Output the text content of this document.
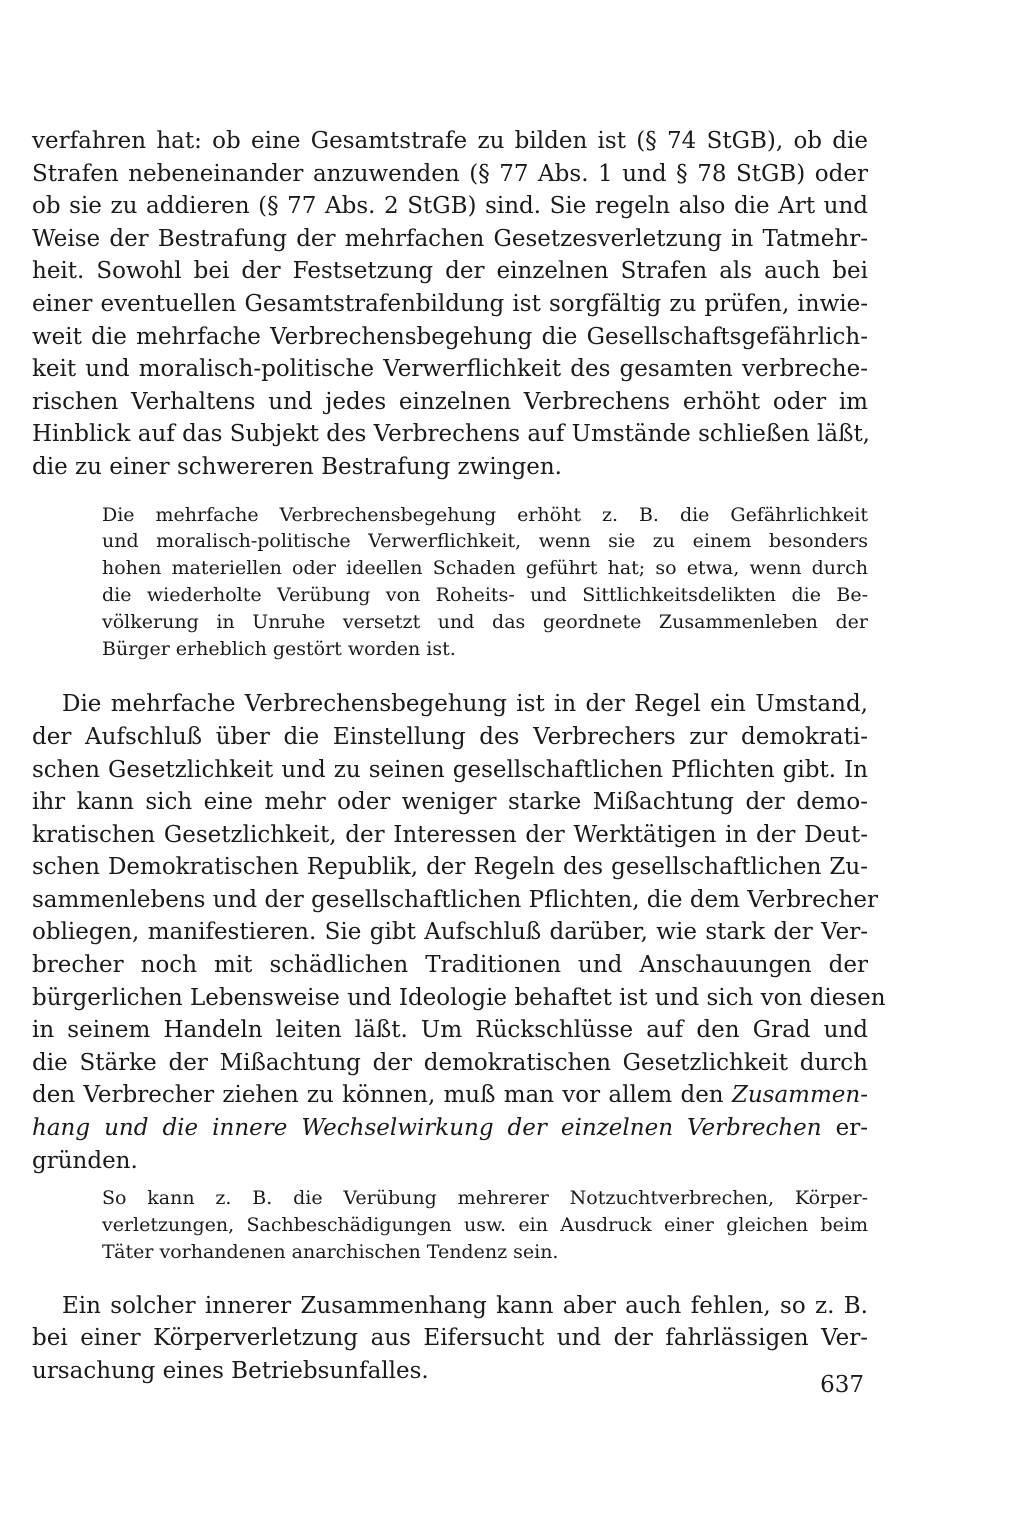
verfahren hat: ob eine Gesamtstrafe zu bilden ist (§ 74 StGB), ob die
Strafen nebeneinander anzuwenden (§ 77 Abs. 1 und § 78 StGB) oder
ob sie zu addieren (§ 77 Abs. 2 StGB) sind. Sie regeln also die Art und
Weise der Bestrafung der mehrfachen Gesetzesverletzung in Tatmehr-
heit. Sowohl bei der Festsetzung der einzelnen Strafen als auch bei
einer eventuellen Gesamtstrafenbildung ist sorgfältig zu prüfen, inwie-
weit die mehrfache Verbrechensbegehung die Gesellschaftsgefährlich-
keit und moralisch-politische Verwerflichkeit des gesamten verbreche-
rischen Verhaltens und jedes einzelnen Verbrechens erhöht oder im
Hinblick auf das Subjekt des Verbrechens auf Umstände schließen läßt,
die zu einer schwereren Bestrafung zwingen.
Die mehrfache Verbrechensbegehung erhöht z. B. die Gefährlichkeit
und moralisch-politische Verwerflichkeit, wenn sie zu einem besonders
hohen materiellen oder ideellen Schaden geführt hat; so etwa, wenn durch
die wiederholte Verübung von Roheits- und Sittlichkeitsdelikten die Be-
völkerung in Unruhe versetzt und das geordnete Zusammenleben der
Bürger erheblich gestört worden ist.
Die mehrfache Verbrechensbegehung ist in der Regel ein Umstand,
der Aufschluß über die Einstellung des Verbrechers zur demokrati-
schen Gesetzlichkeit und zu seinen gesellschaftlichen Pflichten gibt. In
ihr kann sich eine mehr oder weniger starke Mißachtung der demo-
kratischen Gesetzlichkeit, der Interessen der Werktätigen in der Deut-
schen Demokratischen Republik, der Regeln des gesellschaftlichen Zu-
sammenlebens und der gesellschaftlichen Pflichten, die dem Verbrecher
obliegen, manifestieren. Sie gibt Aufschluß darüber, wie stark der Ver-
brecher noch mit schädlichen Traditionen und Anschauungen der
bürgerlichen Lebensweise und Ideologie behaftet ist und sich von diesen
in seinem Handeln leiten läßt. Um Rückschlüsse auf den Grad und
die Stärke der Mißachtung der demokratischen Gesetzlichkeit durch
den Verbrecher ziehen zu können, muß man vor allem den Zusammen-
hang und die innere Wechselwirkung der einzelnen Verbrechen er-
gründen.
So kann z. B. die Verübung mehrerer Notzuchtverbrechen, Körper-
verletzungen, Sachbeschädigungen usw. ein Ausdruck einer gleichen beim
Täter vorhandenen anarchischen Tendenz sein.
Ein solcher innerer Zusammenhang kann aber auch fehlen, so z. B.
bei einer Körperverletzung aus Eifersucht und der fahrlässigen Ver-
ursachung eines Betriebsunfalles.
637
